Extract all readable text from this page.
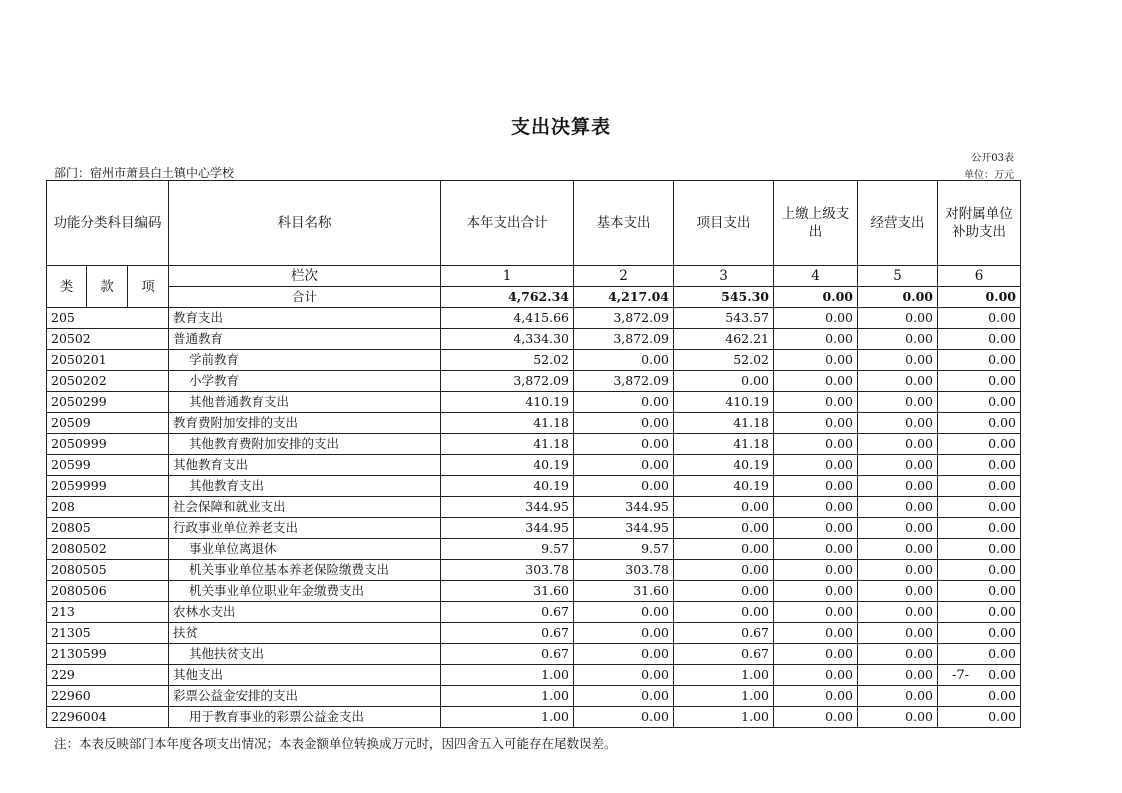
支出决算表
公开03表
部门：宿州市萧县白土镇中心学校	单位：万元
功能分类科目编码			科目名称	本年支出合计	基本支出	项目支出	上缴上级支出	经营支出	对附属单位补助支出
类	款	项	栏次	1	2	3	4	5	6
			合计	4,762.34	4,217.04	545.30	0.00	0.00	0.00
205			教育支出	4,415.66	3,872.09	543.57	0.00	0.00	0.00
20502			普通教育	4,334.30	3,872.09	462.21	0.00	0.00	0.00
2050201			学前教育	52.02	0.00	52.02	0.00	0.00	0.00
2050202			小学教育	3,872.09	3,872.09	0.00	0.00	0.00	0.00
2050299			其他普通教育支出	410.19	0.00	410.19	0.00	0.00	0.00
20509			教育费附加安排的支出	41.18	0.00	41.18	0.00	0.00	0.00
2050999			其他教育费附加安排的支出	41.18	0.00	41.18	0.00	0.00	0.00
20599			其他教育支出	40.19	0.00	40.19	0.00	0.00	0.00
2059999			其他教育支出	40.19	0.00	40.19	0.00	0.00	0.00
208			社会保障和就业支出	344.95	344.95	0.00	0.00	0.00	0.00
20805			行政事业单位养老支出	344.95	344.95	0.00	0.00	0.00	0.00
2080502			事业单位离退休	9.57	9.57	0.00	0.00	0.00	0.00
2080505			机关事业单位基本养老保险缴费支出	303.78	303.78	0.00	0.00	0.00	0.00
2080506			机关事业单位职业年金缴费支出	31.60	31.60	0.00	0.00	0.00	0.00
213			农林水支出	0.67	0.00	0.00	0.00	0.00	0.00
21305			扶贫	0.67	0.00	0.67	0.00	0.00	0.00
2130599			其他扶贫支出	0.67	0.00	0.67	0.00	0.00	0.00
229			其他支出	1.00	0.00	1.00	0.00	0.00	0.00
22960			彩票公益金安排的支出	1.00	0.00	1.00	0.00	0.00	0.00
2296004			用于教育事业的彩票公益金支出	1.00	0.00	1.00	0.00	0.00	0.00
-7-
注：本表反映部门本年度各项支出情况；本表金额单位转换成万元时，因四舍五入可能存在尾数误差。
